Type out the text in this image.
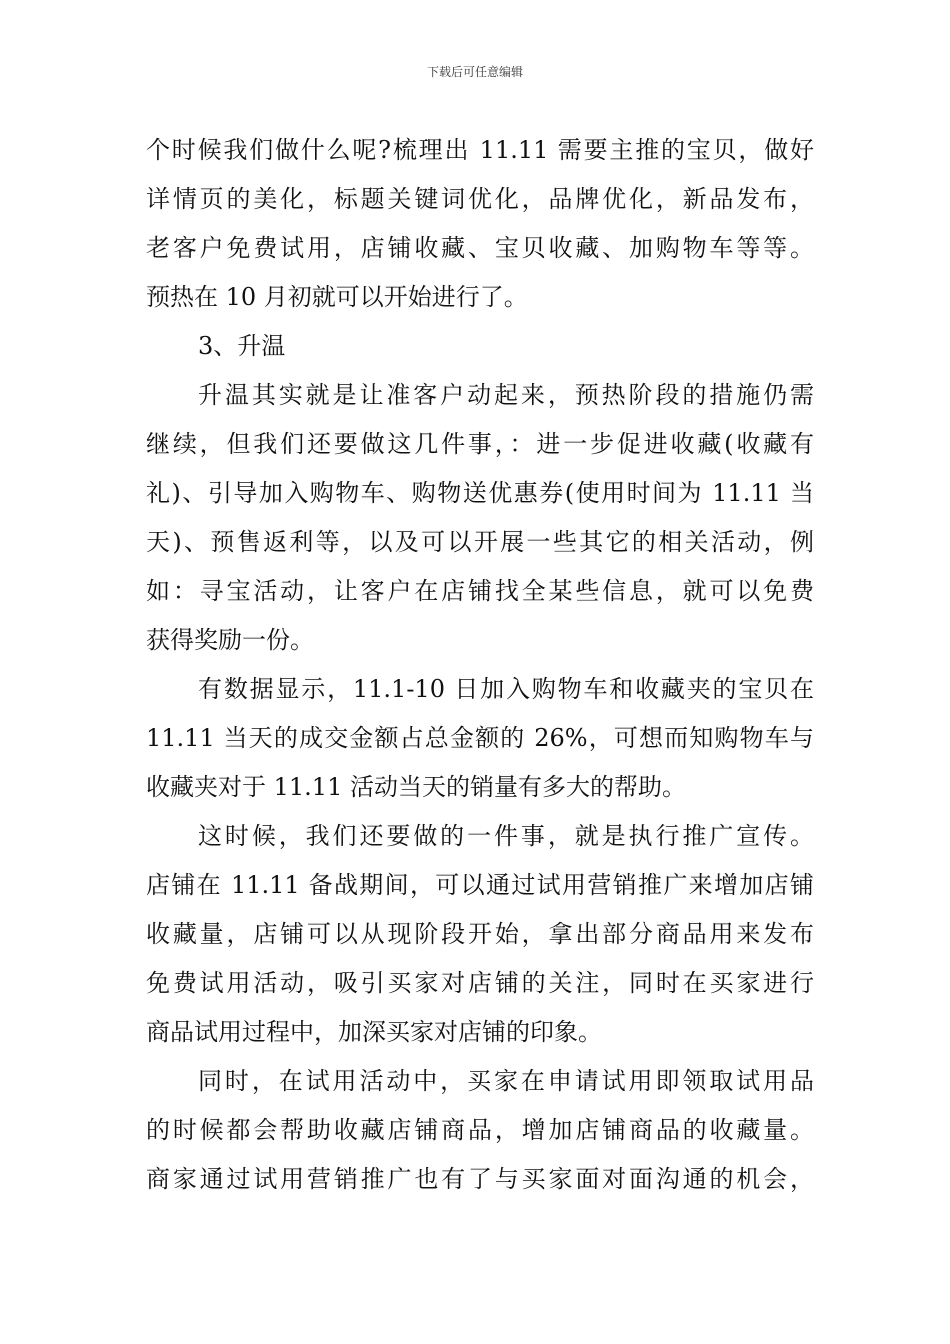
下载后可任意编辑
个时候我们做什么呢?梳理出 11.11 需要主推的宝贝，做好
详情页的美化，标题关键词优化，品牌优化，新品发布，
老客户免费试用，店铺收藏、宝贝收藏、加购物车等等。
预热在 10 月初就可以开始进行了。
3、升温
升温其实就是让准客户动起来，预热阶段的措施仍需
继续，但我们还要做这几件事，：进一步促进收藏(收藏有
礼)、引导加入购物车、购物送优惠券(使用时间为 11.11 当
天)、预售返利等，以及可以开展一些其它的相关活动，例
如：寻宝活动，让客户在店铺找全某些信息，就可以免费
获得奖励一份。
有数据显示，11.1-10 日加入购物车和收藏夹的宝贝在
11.11 当天的成交金额占总金额的 26%，可想而知购物车与
收藏夹对于 11.11 活动当天的销量有多大的帮助。
这时候，我们还要做的一件事，就是执行推广宣传。
店铺在 11.11 备战期间，可以通过试用营销推广来增加店铺
收藏量，店铺可以从现阶段开始，拿出部分商品用来发布
免费试用活动，吸引买家对店铺的关注，同时在买家进行
商品试用过程中，加深买家对店铺的印象。
同时，在试用活动中，买家在申请试用即领取试用品
的时候都会帮助收藏店铺商品，增加店铺商品的收藏量。
商家通过试用营销推广也有了与买家面对面沟通的机会，
